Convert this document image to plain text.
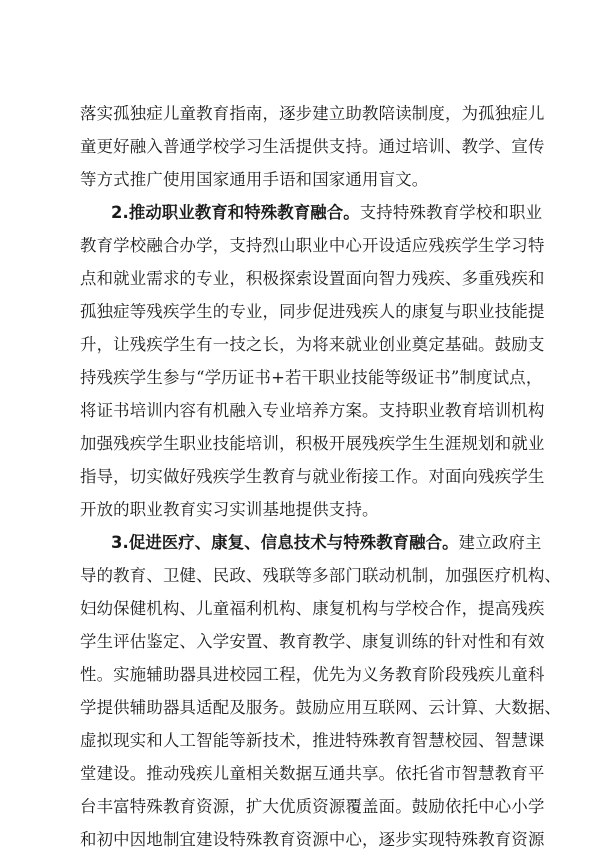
落实孤独症儿童教育指南，逐步建立助教陪读制度，为孤独症儿
童更好融入普通学校学习生活提供支持。通过培训、教学、宣传
等方式推广使用国家通用手语和国家通用盲文。
2.推动职业教育和特殊教育融合。支持特殊教育学校和职业
教育学校融合办学，支持烈山职业中心开设适应残疾学生学习特
点和就业需求的专业，积极探索设置面向智力残疾、多重残疾和
孤独症等残疾学生的专业，同步促进残疾人的康复与职业技能提
升，让残疾学生有一技之长，为将来就业创业奠定基础。鼓励支
持残疾学生参与“学历证书+若干职业技能等级证书”制度试点，
将证书培训内容有机融入专业培养方案。支持职业教育培训机构
加强残疾学生职业技能培训，积极开展残疾学生生涯规划和就业
指导，切实做好残疾学生教育与就业衔接工作。对面向残疾学生
开放的职业教育实习实训基地提供支持。
3.促进医疗、康复、信息技术与特殊教育融合。建立政府主
导的教育、卫健、民政、残联等多部门联动机制，加强医疗机构、
妇幼保健机构、儿童福利机构、康复机构与学校合作，提高残疾
学生评估鉴定、入学安置、教育教学、康复训练的针对性和有效
性。实施辅助器具进校园工程，优先为义务教育阶段残疾儿童科
学提供辅助器具适配及服务。鼓励应用互联网、云计算、大数据、
虚拟现实和人工智能等新技术，推进特殊教育智慧校园、智慧课
堂建设。推动残疾儿童相关数据互通共享。依托省市智慧教育平
台丰富特殊教育资源，扩大优质资源覆盖面。鼓励依托中心小学
和初中因地制宜建设特殊教育资源中心，逐步实现特殊教育资源
